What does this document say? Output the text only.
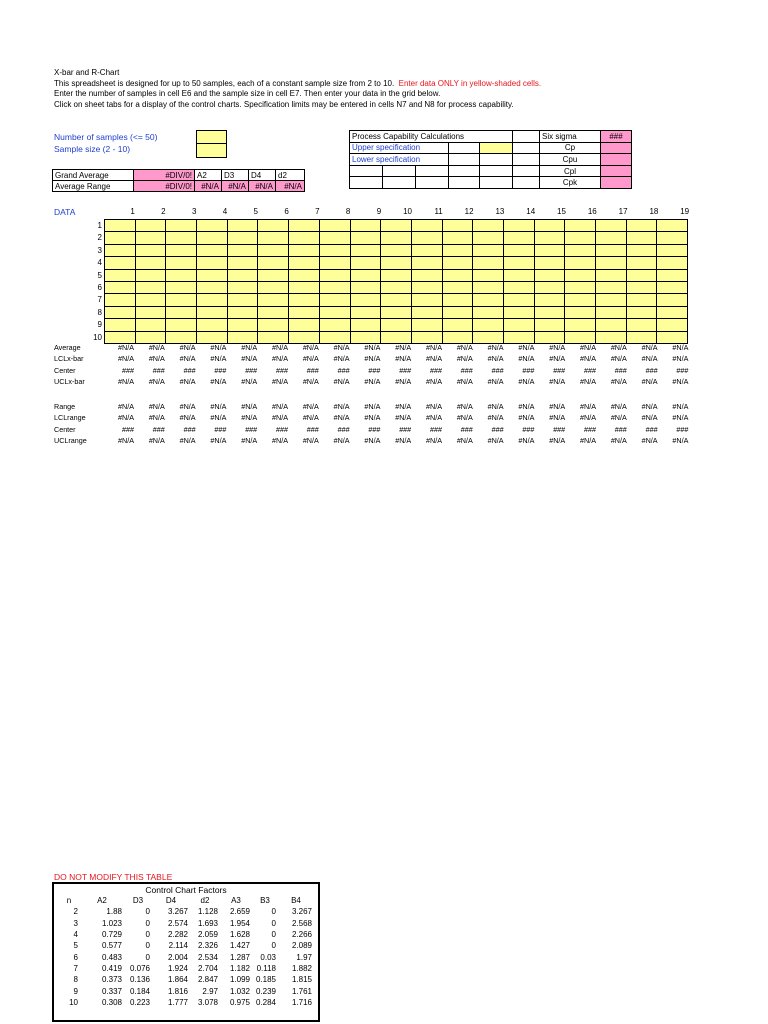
X-bar and R-Chart
This spreadsheet is designed for up to 50 samples, each of a constant sample size from 2 to 10. Enter data ONLY in yellow-shaded cells.
Enter the number of samples in cell E6 and the sample size in cell E7. Then enter your data in the grid below.
Click on sheet tabs for a display of the control charts. Specification limits may be entered in cells N7 and N8 for process capability.
Number of samples (<= 50)
Sample size (2 - 10)
Grand Average	#DIV/0!	A2	D3	D4	d2
Average Range	#DIV/0!	#N/A	#N/A	#N/A	#N/A
Process Capability Calculations						Six sigma	###
Upper specification						Cp	
Lower specification						Cpu	
						Cpl	
						Cpk	
DATA	1	2	3	4	5	6	7	8	9	10	11	12	13	14	15	16	17	18	19
1
2
3
4
5
6
7
8
9
10

Average	#N/A	#N/A	#N/A	#N/A	#N/A	#N/A	#N/A	#N/A	#N/A	#N/A	#N/A	#N/A	#N/A	#N/A	#N/A	#N/A	#N/A	#N/A	#N/A
LCLx-bar	#N/A	#N/A	#N/A	#N/A	#N/A	#N/A	#N/A	#N/A	#N/A	#N/A	#N/A	#N/A	#N/A	#N/A	#N/A	#N/A	#N/A	#N/A	#N/A
Center	###	###	###	###	###	###	###	###	###	###	###	###	###	###	###	###	###	###	###
UCLx-bar	#N/A	#N/A	#N/A	#N/A	#N/A	#N/A	#N/A	#N/A	#N/A	#N/A	#N/A	#N/A	#N/A	#N/A	#N/A	#N/A	#N/A	#N/A	#N/A
Range	#N/A	#N/A	#N/A	#N/A	#N/A	#N/A	#N/A	#N/A	#N/A	#N/A	#N/A	#N/A	#N/A	#N/A	#N/A	#N/A	#N/A	#N/A	#N/A
LCLrange	#N/A	#N/A	#N/A	#N/A	#N/A	#N/A	#N/A	#N/A	#N/A	#N/A	#N/A	#N/A	#N/A	#N/A	#N/A	#N/A	#N/A	#N/A	#N/A
Center	###	###	###	###	###	###	###	###	###	###	###	###	###	###	###	###	###	###	###
UCLrange	#N/A	#N/A	#N/A	#N/A	#N/A	#N/A	#N/A	#N/A	#N/A	#N/A	#N/A	#N/A	#N/A	#N/A	#N/A	#N/A	#N/A	#N/A	#N/A
DO NOT MODIFY THIS TABLE
Control Chart Factors
n	A2	D3	D4	d2	A3	B3	B4
2	1.88	0	3.267	1.128	2.659	0	3.267
3	1.023	0	2.574	1.693	1.954	0	2.568
4	0.729	0	2.282	2.059	1.628	0	2.266
5	0.577	0	2.114	2.326	1.427	0	2.089
6	0.483	0	2.004	2.534	1.287	0.03	1.97
7	0.419	0.076	1.924	2.704	1.182	0.118	1.882
8	0.373	0.136	1.864	2.847	1.099	0.185	1.815
9	0.337	0.184	1.816	2.97	1.032	0.239	1.761
10	0.308	0.223	1.777	3.078	0.975	0.284	1.716
